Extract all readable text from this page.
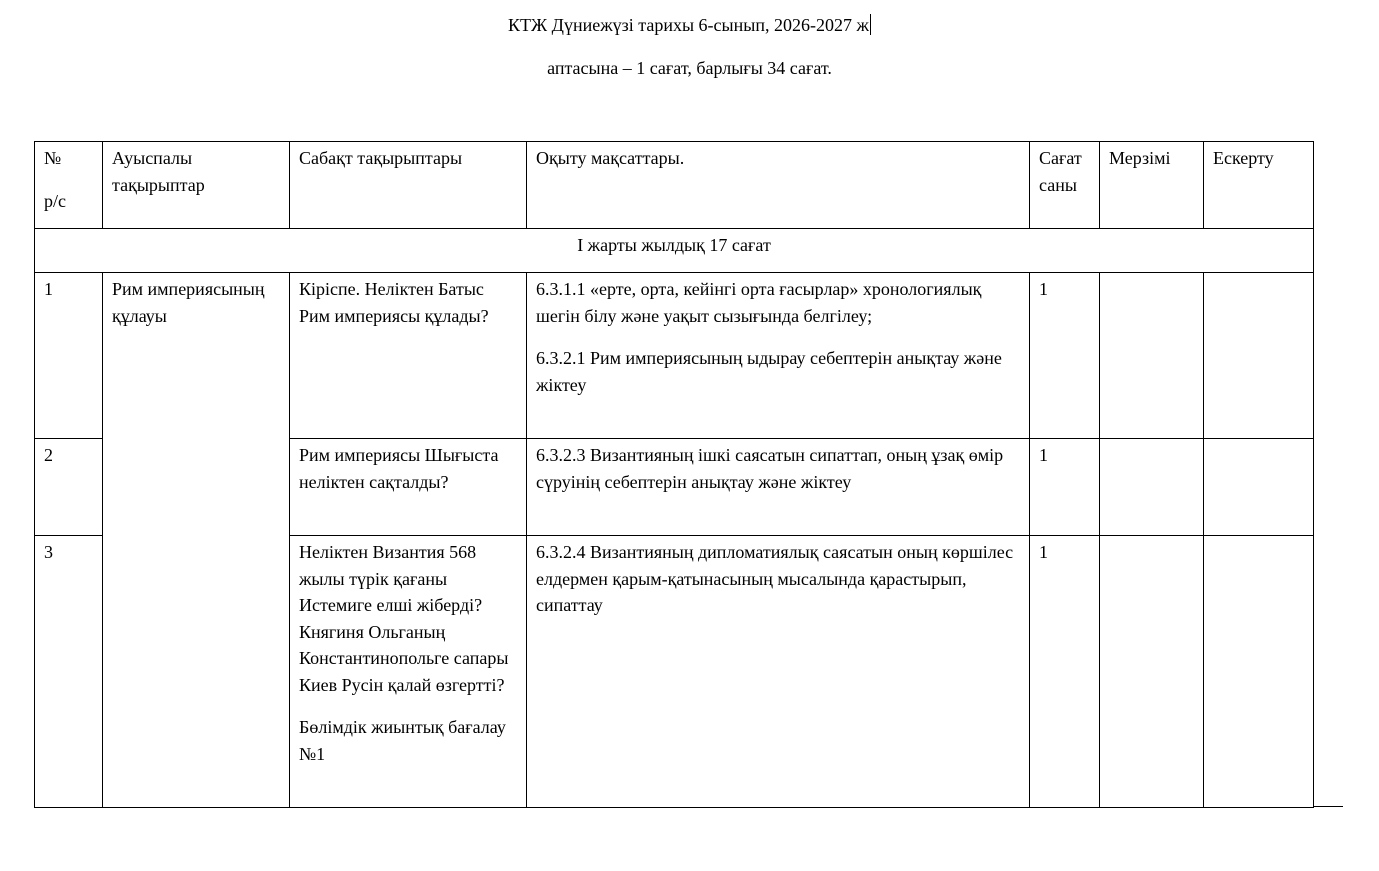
КТЖ Дүниежүзі тарихы 6-сынып, 2026-2027 ж
аптасына – 1 сағат, барлығы 34 сағат.

№

р/с	Ауыспалы тақырыптар	Сабақт тақырыптары	Оқыту мақсаттары.	Сағат саны	Мерзімі	Ескерту
І жарты жылдық 17 сағат						
1	Рим империясының құлауы	Кіріспе. Неліктен Батыс Рим империясы құлады?	6.3.1.1 «ерте, орта, кейінгі орта ғасырлар» хронологиялық шегін білу және уақыт сызығында белгілеу;

6.3.2.1 Рим империясының ыдырау себептерін анықтау және жіктеу	1		
2		Рим империясы Шығыста неліктен сақталды?	6.3.2.3 Византияның ішкі саясатын сипаттап, оның ұзақ өмір сүруінің себептерін анықтау және жіктеу	1		
3		Неліктен Византия 568 жылы түрік қағаны Истемиге елші жіберді? Княгиня Ольганың Константинопольге сапары Киев Русін қалай өзгертті?

Бөлімдік жиынтық бағалау №1	6.3.2.4 Византияның дипломатиялық саясатын оның көршілес елдермен қарым-қатынасының мысалында қарастырып, сипаттау	1		
